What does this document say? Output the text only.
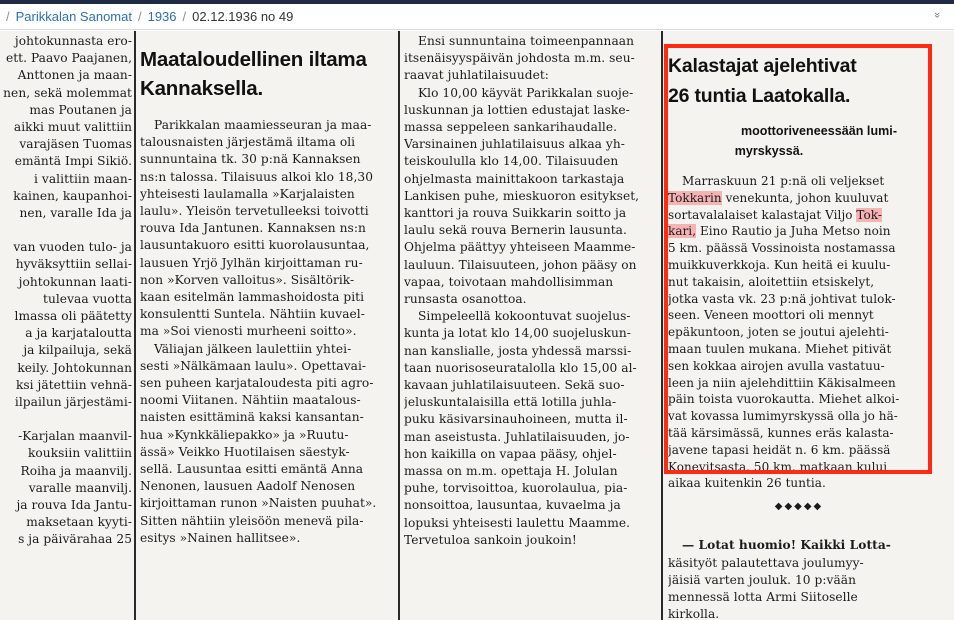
/ Parikkalan Sanomat / 1936 / 02.12.1936 no 49	»

johtokunnasta ero-

ett. Paavo Paajanen,

Anttonen ja maan-

nen, sekä molemmat

mas Poutanen ja

aikki muut valittiin

varajäsen Tuomas

emäntä Impi Sikiö.

i valittiin maan-

kainen, kaupanhoi-

nen, varalle Ida ja

van vuoden tulo- ja

hyväksyttiin sellai-

johtokunnan laati-

tulevaa vuotta

lmassa oli päätetty

a ja karjataloutta

ja kilpailuja, sekä

keily. Johtokunnan

ksi jätettiin vehnä-

ilpailun järjestämi-

-Karjalan maanvil-

kouksiin valittiin

Roiha ja maanvilj.

varalle maanvilj.

ja rouva Ida Jantu-

maksetaan kyyti-

s ja päivärahaa 25

Maataloudellinen iltama
Kannaksella.

Parikkalan maamiesseuran ja maa-

talousnaisten järjestämä iltama oli

sunnuntaina tk. 30 p:nä Kannaksen

ns:n talossa. Tilaisuus alkoi klo 18,30

yhteisesti laulamalla »Karjalaisten

laulu». Yleisön tervetulleeksi toivotti

rouva Ida Jantunen. Kannaksen ns:n

lausuntakuoro esitti kuorolausuntaa,

lausuen Yrjö Jylhän kirjoittaman ru-

non »Korven valloitus». Sisältörik-

kaan esitelmän lammashoidosta piti

konsulentti Suntela. Nähtiin kuvael-

ma »Soi vienosti murheeni soitto».

Väliajan jälkeen laulettiin yhtei-

sesti »Nälkämaan laulu». Opettavai-

sen puheen karjataloudesta piti agro-

noomi Viitanen. Nähtiin maatalous-

naisten esittäminä kaksi kansantan-

hua »Kynkkäliepakko» ja »Ruutu-

ässä» Veikko Huotilaisen säestyk-

sellä. Lausuntaa esitti emäntä Anna

Nenonen, lausuen Aadolf Nenosen

kirjoittaman runon »Naisten puuhat».

Sitten nähtiin yleisöön menevä pila-

esitys »Nainen hallitsee».

Ensi sunnuntaina toimeenpannaan

itsenäisyyspäivän johdosta m.m. seu-

raavat juhlatilaisuudet:

Klo 10,00 käyvät Parikkalan suoje-

luskunnan ja lottien edustajat laske-

massa seppeleen sankarihaudalle.

Varsinainen juhlatilaisuus alkaa yh-

teiskoululla klo 14,00. Tilaisuuden

ohjelmasta mainittakoon tarkastaja

Lankisen puhe, mieskuoron esitykset,

kanttori ja rouva Suikkarin soitto ja

laulu sekä rouva Bernerin lausunta.

Ohjelma päättyy yhteiseen Maamme-

lauluun. Tilaisuuteen, johon pääsy on

vapaa, toivotaan mahdollisimman

runsasta osanottoa.

Simpeleellä kokoontuvat suojelus-

kunta ja lotat klo 14,00 suojeluskun-

nan kanslialle, josta yhdessä marssi-

taan nuorisoseuratalolla klo 15,00 al-

kavaan juhlatilaisuuteen. Sekä suo-

jeluskuntalaisilla että lotilla juhla-

puku käsivarsinauhoineen, mutta il-

man aseistusta. Juhlatilaisuuden, jo-

hon kaikilla on vapaa pääsy, ohjel-

massa on m.m. opettaja H. Jolulan

puhe, torvisoittoa, kuorolaulua, pia-

nonsoittoa, lausuntaa, kuvaelma ja

lopuksi yhteisesti laulettu Maamme.

Tervetuloa sankoin joukoin!

Kalastajat ajelehtivat
26 tuntia Laatokalla.
moottoriveneessään lumi-
myrskyssä.

Marraskuun 21 p:nä oli veljekset

Tokkarin venekunta, johon kuuluvat

sortavalalaiset kalastajat Viljo Tok-

kari, Eino Rautio ja Juha Metso noin

5 km. päässä Vossinoista nostamassa

muikkuverkkoja. Kun heitä ei kuulu-

nut takaisin, aloitettiin etsiskelyt,

jotka vasta vk. 23 p:nä johtivat tulok-

seen. Veneen moottori oli mennyt

epäkuntoon, joten se joutui ajelehti-

maan tuulen mukana. Miehet pitivät

sen kokkaa airojen avulla vastatuu-

leen ja niin ajelehdittiin Käkisalmeen

päin toista vuorokautta. Miehet alkoi-

vat kovassa lumimyrskyssä olla jo hä-

tää kärsimässä, kunnes eräs kalasta-

javene tapasi heidät n. 6 km. päässä

Konevitsasta. 50 km. matkaan kului

aikaa kuitenkin 26 tuntia.

◆◆◆◆◆

— Lotat huomio! Kaikki Lotta-

käsityöt palautettava joulumyy-

jäisiä varten jouluk. 10 p:vään

mennessä lotta Armi Siitoselle

kirkolla.
